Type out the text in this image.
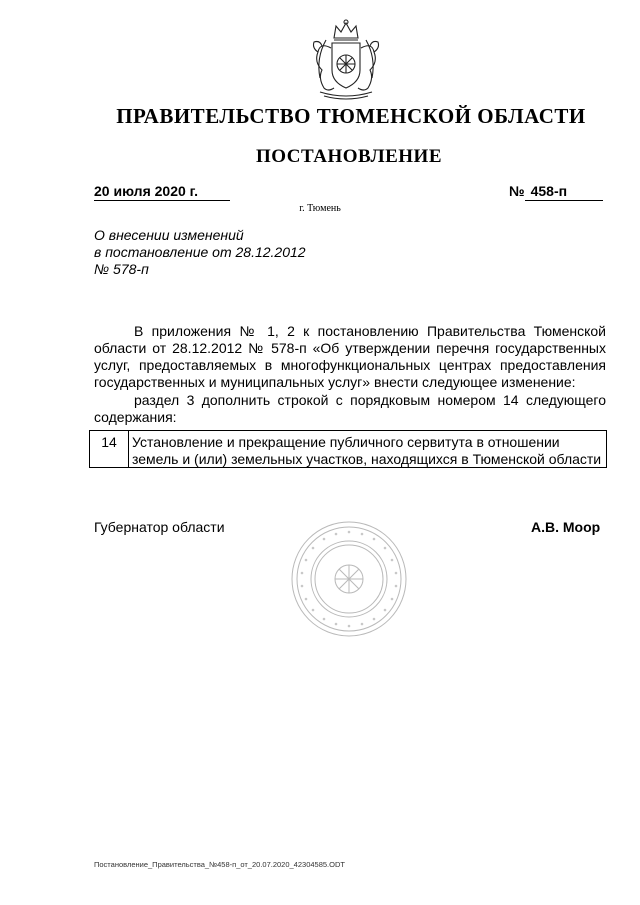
ПРАВИТЕЛЬСТВО ТЮМЕНСКОЙ ОБЛАСТИ
ПОСТАНОВЛЕНИЕ
20 июля 2020 г.	№ 458-п
г. Тюмень
О внесении изменений
в постановление от 28.12.2012
№ 578-п
В приложения № 1, 2 к постановлению Правительства Тюменской области от 28.12.2012 № 578-п «Об утверждении перечня государственных услуг, предоставляемых в многофункциональных центрах предоставления государственных и муниципальных услуг» внести следующее изменение:
раздел 3 дополнить строкой с порядковым номером 14 следующего содержания:
14	Установление и прекращение публичного сервитута в отношении
земель и (или) земельных участков, находящихся в Тюменской области
Губернатор области	А.В. Моор
Постановление_Правительства_№458-п_от_20.07.2020_42304585.ODT
